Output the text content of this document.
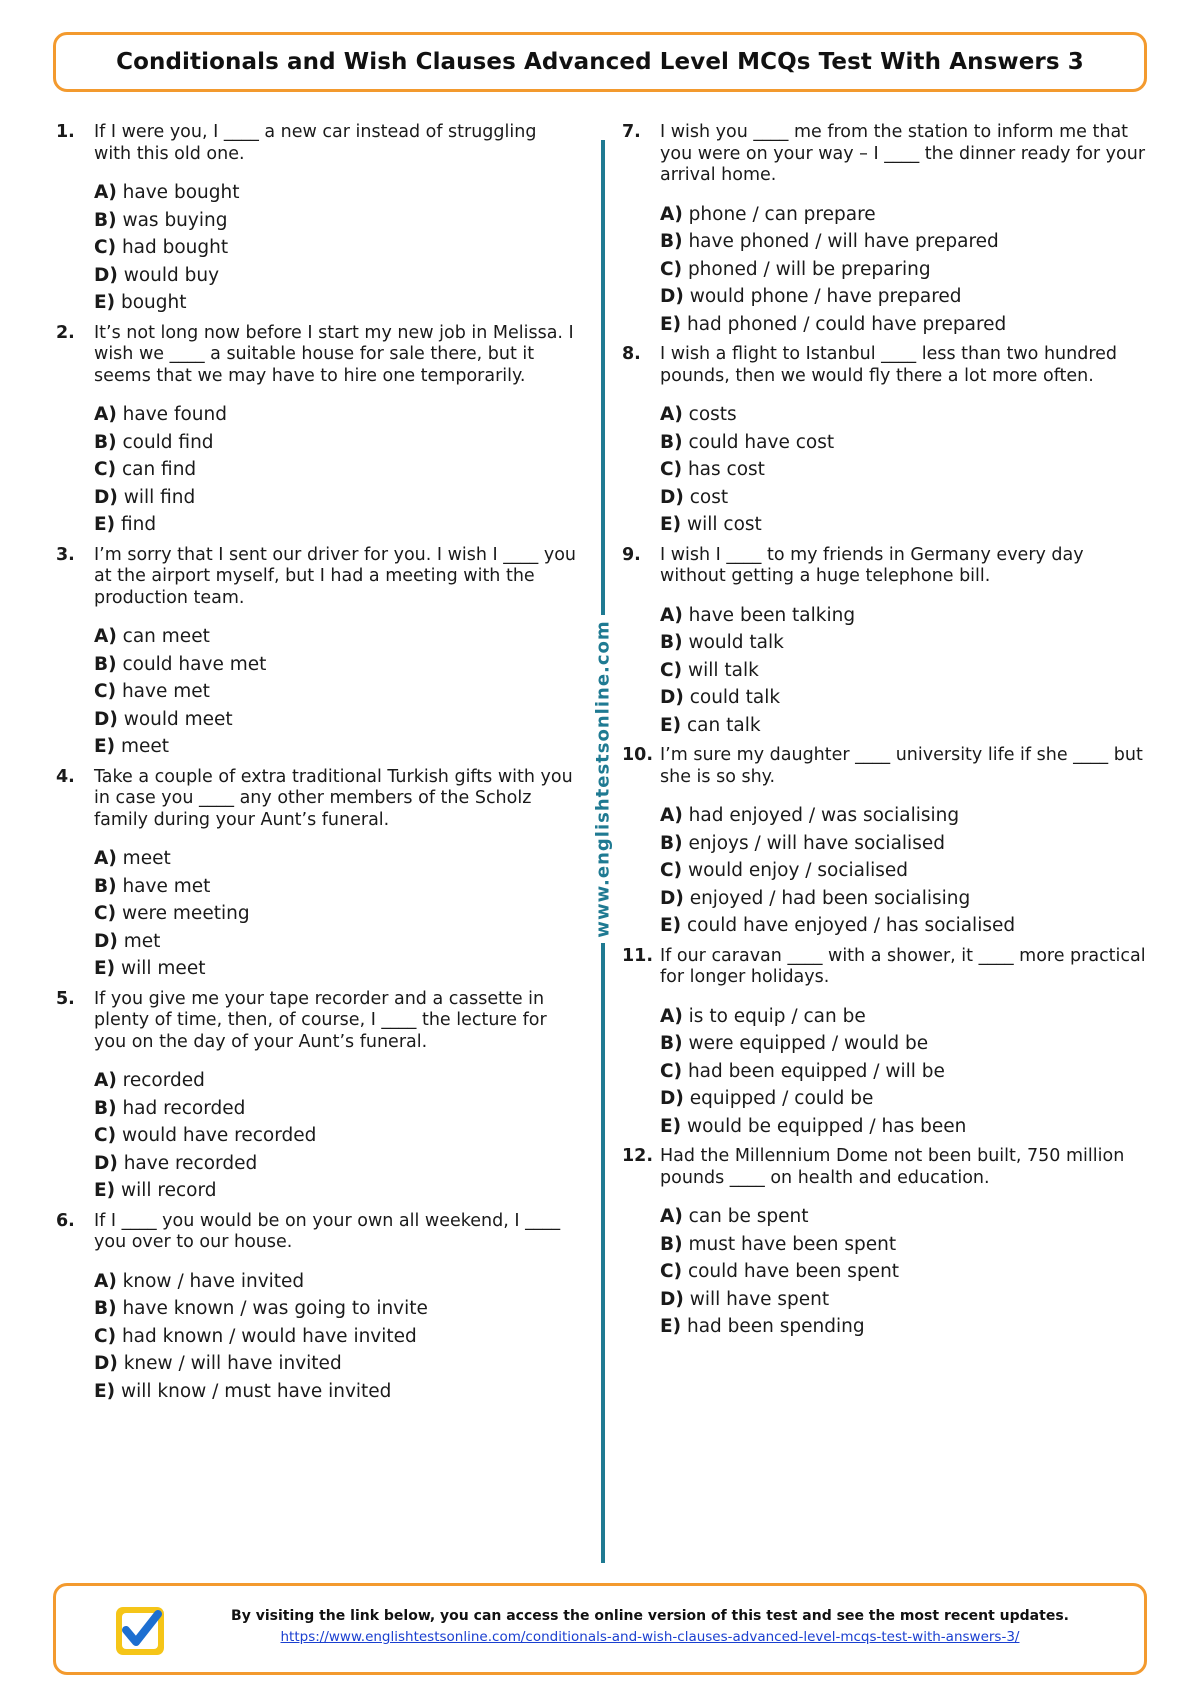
Conditionals and Wish Clauses Advanced Level MCQs Test With Answers 3
1.	If I were you, I ____ a new car instead of struggling with this old one.
A) have bought
B) was buying
C) had bought
D) would buy
E) bought
2.	It’s not long now before I start my new job in Melissa. I wish we ____ a suitable house for sale there, but it seems that we may have to hire one temporarily.
A) have found
B) could find
C) can find
D) will find
E) find
3.	I’m sorry that I sent our driver for you. I wish I ____ you at the airport myself, but I had a meeting with the production team.
A) can meet
B) could have met
C) have met
D) would meet
E) meet
4.	Take a couple of extra traditional Turkish gifts with you in case you ____ any other members of the Scholz family during your Aunt’s funeral.
A) meet
B) have met
C) were meeting
D) met
E) will meet
5.	If you give me your tape recorder and a cassette in plenty of time, then, of course, I ____ the lecture for you on the day of your Aunt’s funeral.
A) recorded
B) had recorded
C) would have recorded
D) have recorded
E) will record
6.	If I ____ you would be on your own all weekend, I ____ you over to our house.
A) know / have invited
B) have known / was going to invite
C) had known / would have invited
D) knew / will have invited
E) will know / must have invited
www.englishtestsonline.com
7.	I wish you ____ me from the station to inform me that you were on your way – I ____ the dinner ready for your arrival home.
A) phone / can prepare
B) have phoned / will have prepared
C) phoned / will be preparing
D) would phone / have prepared
E) had phoned / could have prepared
8.	I wish a flight to Istanbul ____ less than two hundred pounds, then we would fly there a lot more often.
A) costs
B) could have cost
C) has cost
D) cost
E) will cost
9.	I wish I ____ to my friends in Germany every day without getting a huge telephone bill.
A) have been talking
B) would talk
C) will talk
D) could talk
E) can talk
10. I’m sure my daughter ____ university life if she ____ but she is so shy.
A) had enjoyed / was socialising
B) enjoys / will have socialised
C) would enjoy / socialised
D) enjoyed / had been socialising
E) could have enjoyed / has socialised
11. If our caravan ____ with a shower, it ____ more practical for longer holidays.
A) is to equip / can be
B) were equipped / would be
C) had been equipped / will be
D) equipped / could be
E) would be equipped / has been
12. Had the Millennium Dome not been built, 750 million pounds ____ on health and education.
A) can be spent
B) must have been spent
C) could have been spent
D) will have spent
E) had been spending
By visiting the link below, you can access the online version of this test and see the most recent updates.
https://www.englishtestsonline.com/conditionals-and-wish-clauses-advanced-level-mcqs-test-with-answers-3/
